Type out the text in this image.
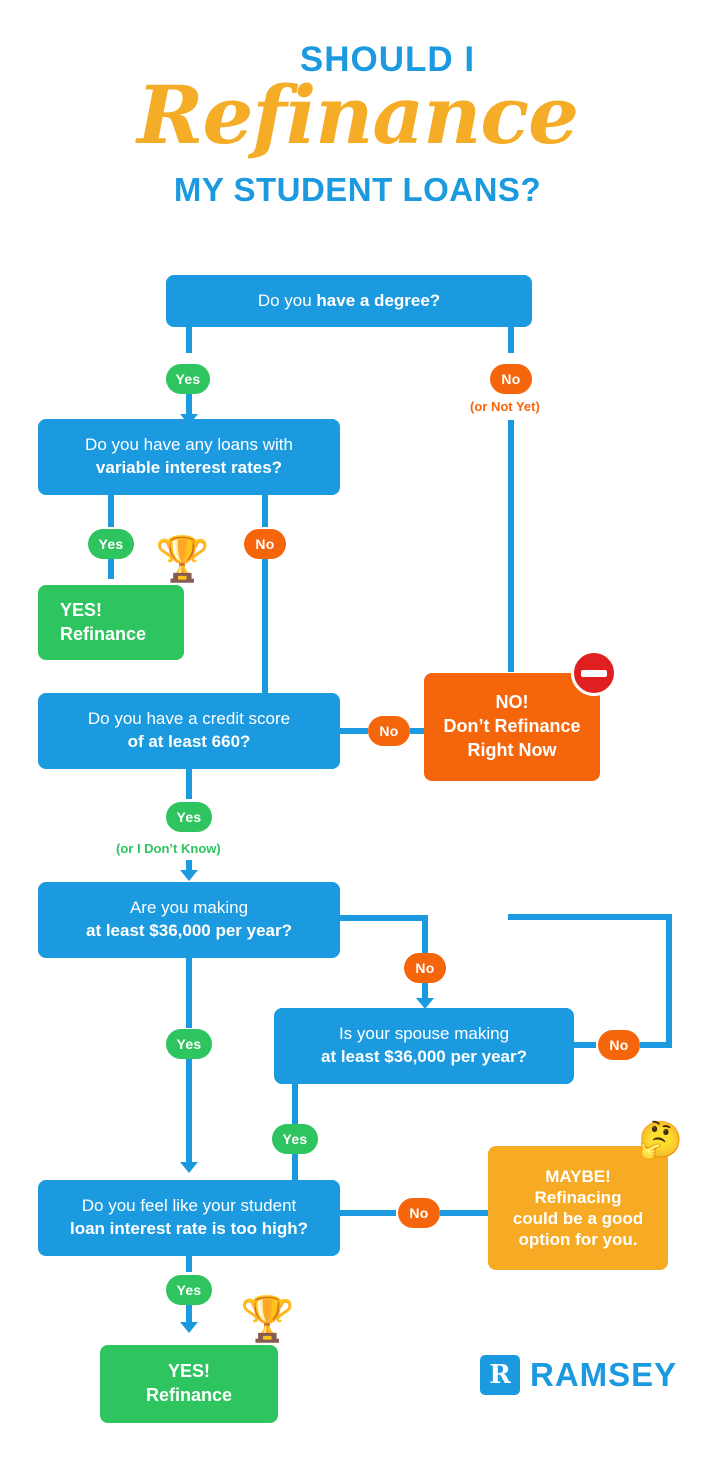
SHOULD I
Refinance
MY STUDENT LOANS?
Do you have a degree?
Yes	No
(or Not Yet)
Do you have any loans with
variable interest rates?
Yes
YES!
Refinance
🏆	No
Do you have a credit score
of at least 660?
No
NO!
Don’t Refinance
Right Now
Yes
(or I Don’t Know)
Are you making
at least $36,000 per year?
No
Yes
Is your spouse making
at least $36,000 per year?
No
Yes
Do you feel like your student
loan interest rate is too high?
No
MAYBE!
Refinacing
could be a good
option for you.
🤔
Yes
YES!
Refinance
🏆
R RAMSEY
